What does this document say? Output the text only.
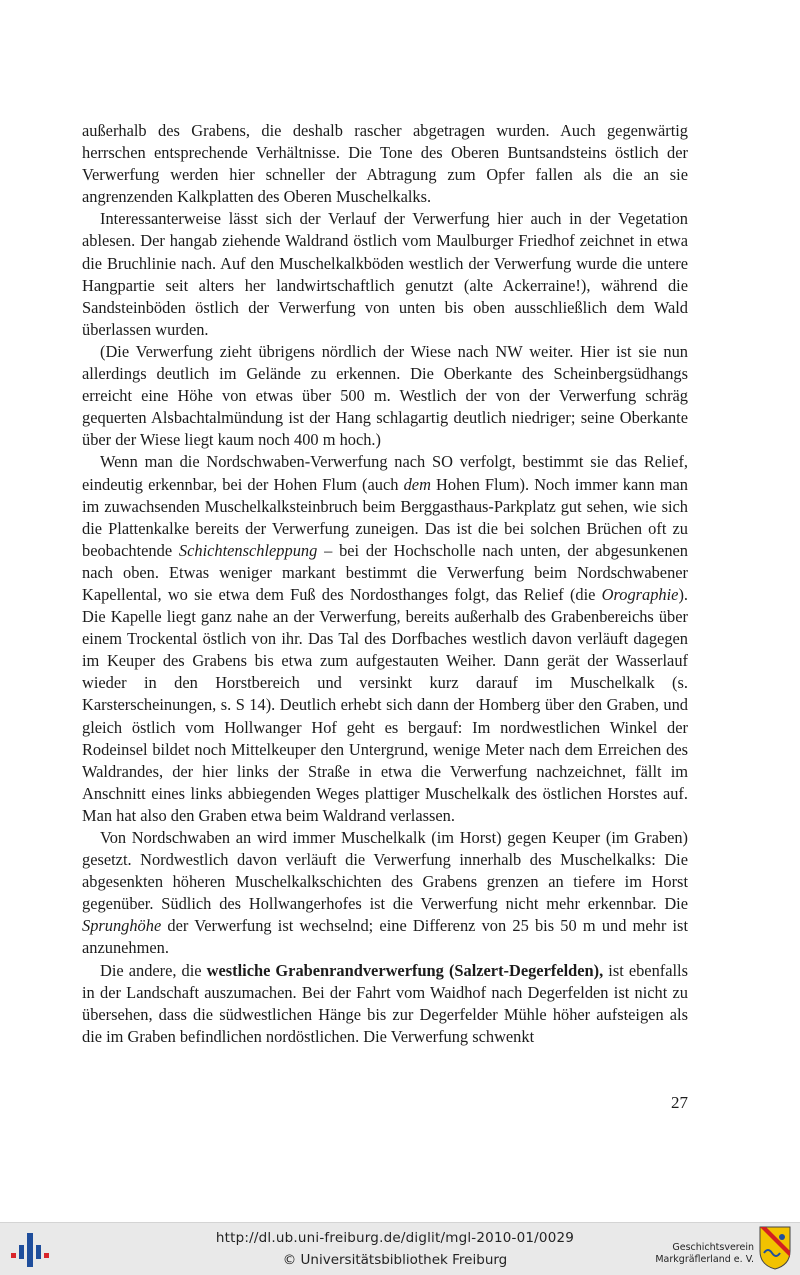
außerhalb des Grabens, die deshalb rascher abgetragen wurden. Auch gegenwärtig herrschen entsprechende Verhältnisse. Die Tone des Oberen Buntsandsteins östlich der Verwerfung werden hier schneller der Abtragung zum Opfer fallen als die an sie angrenzenden Kalkplatten des Oberen Muschelkalks.

Interessanterweise lässt sich der Verlauf der Verwerfung hier auch in der Vegetation ablesen. Der hangab ziehende Waldrand östlich vom Maulburger Friedhof zeichnet in etwa die Bruchlinie nach. Auf den Muschelkalkböden westlich der Verwerfung wurde die untere Hangpartie seit alters her landwirtschaftlich genutzt (alte Ackerraine!), während die Sandsteinböden östlich der Verwerfung von unten bis oben ausschließlich dem Wald überlassen wurden.

(Die Verwerfung zieht übrigens nördlich der Wiese nach NW weiter. Hier ist sie nun allerdings deutlich im Gelände zu erkennen. Die Oberkante des Scheinbergsüdhangs erreicht eine Höhe von etwas über 500 m. Westlich der von der Verwerfung schräg gequerten Alsbachtalmündung ist der Hang schlagartig deutlich niedriger; seine Oberkante über der Wiese liegt kaum noch 400 m hoch.)

Wenn man die Nordschwaben-Verwerfung nach SO verfolgt, bestimmt sie das Relief, eindeutig erkennbar, bei der Hohen Flum (auch dem Hohen Flum). Noch immer kann man im zuwachsenden Muschelkalksteinbruch beim Berggasthaus-Parkplatz gut sehen, wie sich die Plattenkalke bereits der Verwerfung zuneigen. Das ist die bei solchen Brüchen oft zu beobachtende Schichtenschleppung – bei der Hochscholle nach unten, der abgesunkenen nach oben. Etwas weniger markant bestimmt die Verwerfung beim Nordschwabener Kapellental, wo sie etwa dem Fuß des Nordosthanges folgt, das Relief (die Orographie). Die Kapelle liegt ganz nahe an der Verwerfung, bereits außerhalb des Grabenbereichs über einem Trockental östlich von ihr. Das Tal des Dorfbaches westlich davon verläuft dagegen im Keuper des Grabens bis etwa zum aufgestauten Weiher. Dann gerät der Wasserlauf wieder in den Horstbereich und versinkt kurz darauf im Muschelkalk (s. Karsterscheinungen, s. S 14). Deutlich erhebt sich dann der Homberg über den Graben, und gleich östlich vom Hollwanger Hof geht es bergauf: Im nordwestlichen Winkel der Rodeinsel bildet noch Mittelkeuper den Untergrund, wenige Meter nach dem Erreichen des Waldrandes, der hier links der Straße in etwa die Verwerfung nachzeichnet, fällt im Anschnitt eines links abbiegenden Weges plattiger Muschelkalk des östlichen Horstes auf. Man hat also den Graben etwa beim Waldrand verlassen.

Von Nordschwaben an wird immer Muschelkalk (im Horst) gegen Keuper (im Graben) gesetzt. Nordwestlich davon verläuft die Verwerfung innerhalb des Muschelkalks: Die abgesenkten höheren Muschelkalkschichten des Grabens grenzen an tiefere im Horst gegenüber. Südlich des Hollwangerhofes ist die Verwerfung nicht mehr erkennbar. Die Sprunghöhe der Verwerfung ist wechselnd; eine Differenz von 25 bis 50 m und mehr ist anzunehmen.

Die andere, die westliche Grabenrandverwerfung (Salzert-Degerfelden), ist ebenfalls in der Landschaft auszumachen. Bei der Fahrt vom Waidhof nach Degerfelden ist nicht zu übersehen, dass die südwestlichen Hänge bis zur Degerfelder Mühle höher aufsteigen als die im Graben befindlichen nordöstlichen. Die Verwerfung schwenkt

27
http://dl.ub.uni-freiburg.de/diglit/mgl-2010-01/0029
© Universitätsbibliothek Freiburg
Geschichtsverein
Markgräflerland e. V.
